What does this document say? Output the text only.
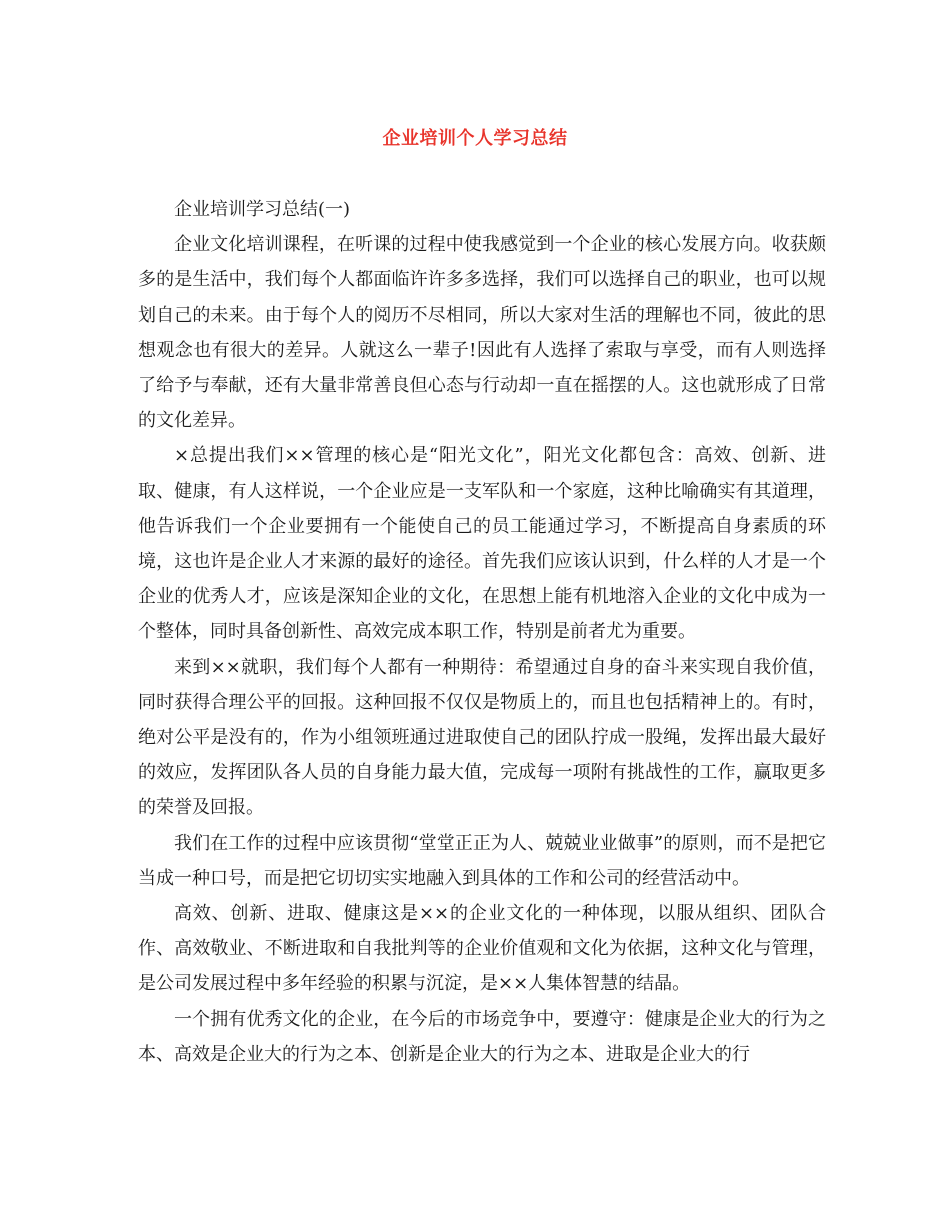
企业培训个人学习总结

企业培训学习总结(一)

企业文化培训课程，在听课的过程中使我感觉到一个企业的核心发展方向。收获颇多的是生活中，我们每个人都面临许许多多选择，我们可以选择自己的职业，也可以规划自己的未来。由于每个人的阅历不尽相同，所以大家对生活的理解也不同，彼此的思想观念也有很大的差异。人就这么一辈子!因此有人选择了索取与享受，而有人则选择了给予与奉献，还有大量非常善良但心态与行动却一直在摇摆的人。这也就形成了日常的文化差异。

×总提出我们××管理的核心是“阳光文化”，阳光文化都包含：高效、创新、进取、健康，有人这样说，一个企业应是一支军队和一个家庭，这种比喻确实有其道理，他告诉我们一个企业要拥有一个能使自己的员工能通过学习，不断提高自身素质的环境，这也许是企业人才来源的最好的途径。首先我们应该认识到，什么样的人才是一个企业的优秀人才，应该是深知企业的文化，在思想上能有机地溶入企业的文化中成为一个整体，同时具备创新性、高效完成本职工作，特别是前者尤为重要。

来到××就职，我们每个人都有一种期待：希望通过自身的奋斗来实现自我价值，同时获得合理公平的回报。这种回报不仅仅是物质上的，而且也包括精神上的。有时，绝对公平是没有的，作为小组领班通过进取使自己的团队拧成一股绳，发挥出最大最好的效应，发挥团队各人员的自身能力最大值，完成每一项附有挑战性的工作，赢取更多的荣誉及回报。

我们在工作的过程中应该贯彻“堂堂正正为人、兢兢业业做事”的原则，而不是把它当成一种口号，而是把它切切实实地融入到具体的工作和公司的经营活动中。

高效、创新、进取、健康这是××的企业文化的一种体现，以服从组织、团队合作、高效敬业、不断进取和自我批判等的企业价值观和文化为依据，这种文化与管理，是公司发展过程中多年经验的积累与沉淀，是××人集体智慧的结晶。

一个拥有优秀文化的企业，在今后的市场竞争中，要遵守：健康是企业大的行为之本、高效是企业大的行为之本、创新是企业大的行为之本、进取是企业大的行
